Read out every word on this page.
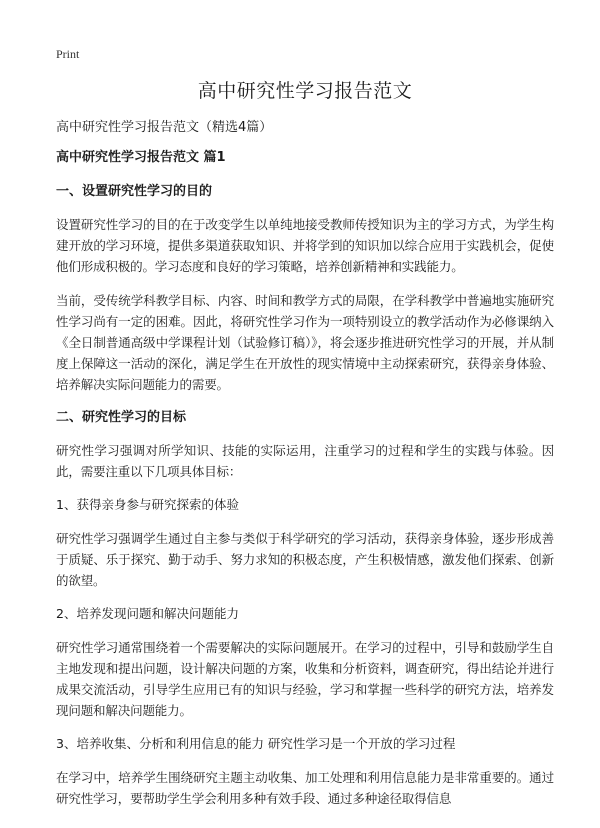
Print
高中研究性学习报告范文
高中研究性学习报告范文（精选4篇）
高中研究性学习报告范文 篇1
一、设置研究性学习的目的

设置研究性学习的目的在于改变学生以单纯地接受教师传授知识为主的学习方式，为学生构建开放的学习环境，提供多渠道获取知识、并将学到的知识加以综合应用于实践机会，促使他们形成积极的。学习态度和良好的学习策略，培养创新精神和实践能力。

当前，受传统学科教学目标、内容、时间和教学方式的局限，在学科教学中普遍地实施研究性学习尚有一定的困难。因此，将研究性学习作为一项特别设立的教学活动作为必修课纳入《全日制普通高级中学课程计划（试验修订稿）》，将会逐步推进研究性学习的开展，并从制度上保障这一活动的深化，满足学生在开放性的现实情境中主动探索研究，获得亲身体验、培养解决实际问题能力的需要。

二、研究性学习的目标

研究性学习强调对所学知识、技能的实际运用，注重学习的过程和学生的实践与体验。因此，需要注重以下几项具体目标：

1、获得亲身参与研究探索的体验

研究性学习强调学生通过自主参与类似于科学研究的学习活动，获得亲身体验，逐步形成善于质疑、乐于探究、勤于动手、努力求知的积极态度，产生积极情感，激发他们探索、创新的欲望。

2、培养发现问题和解决问题能力

研究性学习通常围绕着一个需要解决的实际问题展开。在学习的过程中，引导和鼓励学生自主地发现和提出问题，设计解决问题的方案，收集和分析资料，调查研究，得出结论并进行成果交流活动，引导学生应用已有的知识与经验，学习和掌握一些科学的研究方法，培养发现问题和解决问题能力。

3、培养收集、分析和利用信息的能力 研究性学习是一个开放的学习过程

在学习中，培养学生围绕研究主题主动收集、加工处理和利用信息能力是非常重要的。通过研究性学习，要帮助学生学会利用多种有效手段、通过多种途径取得信息
